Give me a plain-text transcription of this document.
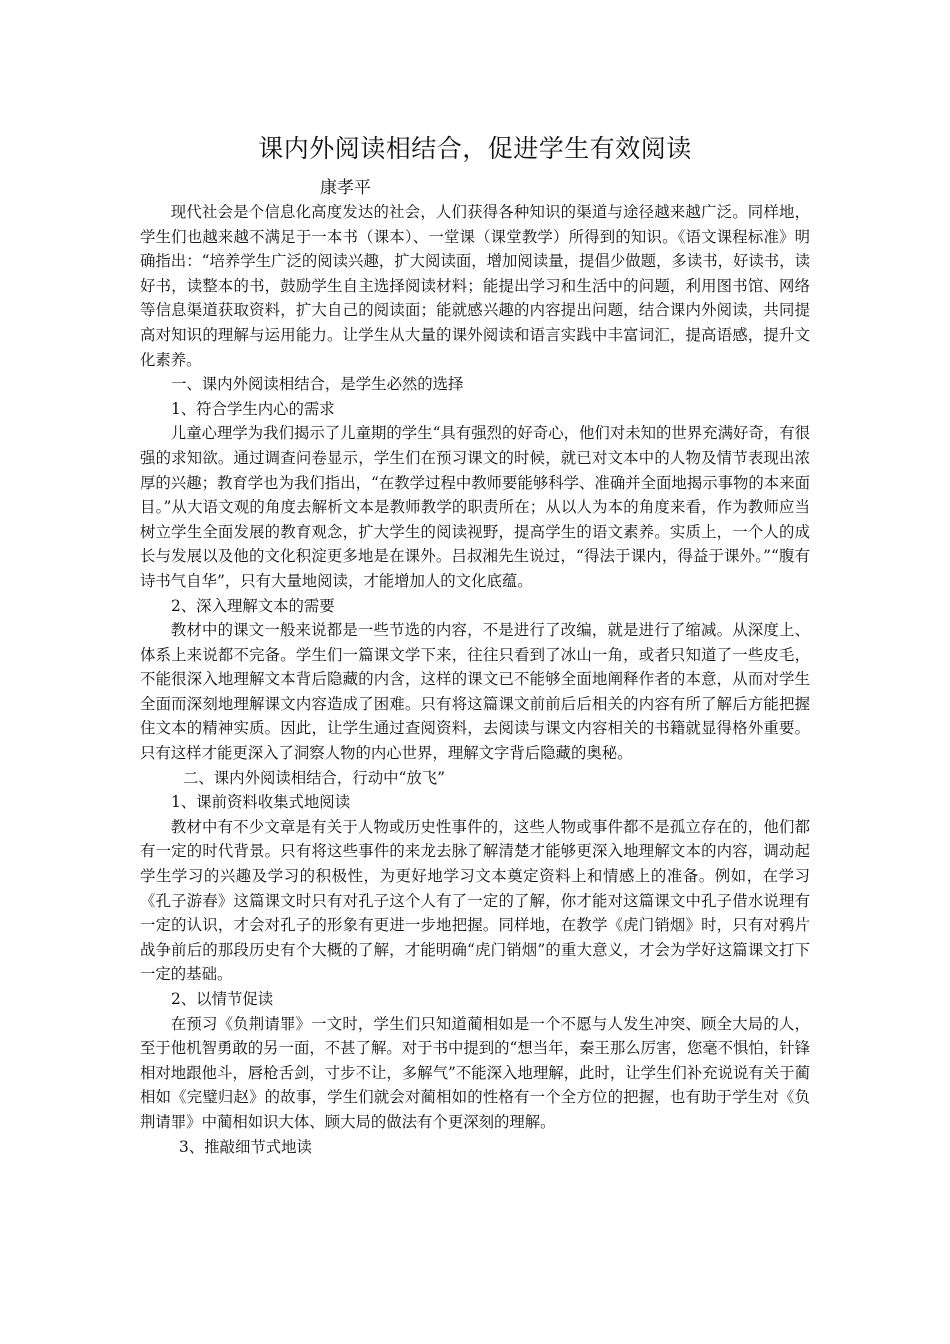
课内外阅读相结合，促进学生有效阅读
康孝平

现代社会是个信息化高度发达的社会，人们获得各种知识的渠道与途径越来越广泛。同样地，学生们也越来越不满足于一本书（课本）、一堂课（课堂教学）所得到的知识。《语文课程标准》明确指出：“培养学生广泛的阅读兴趣，扩大阅读面，增加阅读量，提倡少做题，多读书，好读书，读好书，读整本的书，鼓励学生自主选择阅读材料；能提出学习和生活中的问题，利用图书馆、网络等信息渠道获取资料，扩大自己的阅读面；能就感兴趣的内容提出问题，结合课内外阅读，共同提高对知识的理解与运用能力。让学生从大量的课外阅读和语言实践中丰富词汇，提高语感，提升文化素养。

一、课内外阅读相结合，是学生必然的选择

1、符合学生内心的需求

儿童心理学为我们揭示了儿童期的学生“具有强烈的好奇心，他们对未知的世界充满好奇，有很强的求知欲。通过调查问卷显示，学生们在预习课文的时候，就已对文本中的人物及情节表现出浓厚的兴趣；教育学也为我们指出，“在教学过程中教师要能够科学、准确并全面地揭示事物的本来面目。”从大语文观的角度去解析文本是教师教学的职责所在；从以人为本的角度来看，作为教师应当树立学生全面发展的教育观念，扩大学生的阅读视野，提高学生的语文素养。实质上，一个人的成长与发展以及他的文化积淀更多地是在课外。吕叔湘先生说过，“得法于课内，得益于课外。”“腹有诗书气自华”，只有大量地阅读，才能增加人的文化底蕴。

2、深入理解文本的需要

教材中的课文一般来说都是一些节选的内容，不是进行了改编，就是进行了缩减。从深度上、体系上来说都不完备。学生们一篇课文学下来，往往只看到了冰山一角，或者只知道了一些皮毛，不能很深入地理解文本背后隐藏的内含，这样的课文已不能够全面地阐释作者的本意，从而对学生全面而深刻地理解课文内容造成了困难。只有将这篇课文前前后后相关的内容有所了解后方能把握住文本的精神实质。因此，让学生通过查阅资料，去阅读与课文内容相关的书籍就显得格外重要。只有这样才能更深入了洞察人物的内心世界，理解文字背后隐藏的奥秘。

二、课内外阅读相结合，行动中“放飞”

1、课前资料收集式地阅读

教材中有不少文章是有关于人物或历史性事件的，这些人物或事件都不是孤立存在的，他们都有一定的时代背景。只有将这些事件的来龙去脉了解清楚才能够更深入地理解文本的内容，调动起学生学习的兴趣及学习的积极性，为更好地学习文本奠定资料上和情感上的准备。例如，在学习《孔子游春》这篇课文时只有对孔子这个人有了一定的了解，你才能对这篇课文中孔子借水说理有一定的认识，才会对孔子的形象有更进一步地把握。同样地，在教学《虎门销烟》时，只有对鸦片战争前后的那段历史有个大概的了解，才能明确“虎门销烟”的重大意义，才会为学好这篇课文打下一定的基础。

2、以情节促读

在预习《负荆请罪》一文时，学生们只知道蔺相如是一个不愿与人发生冲突、顾全大局的人，至于他机智勇敢的另一面，不甚了解。对于书中提到的“想当年，秦王那么厉害，您毫不惧怕，针锋相对地跟他斗，唇枪舌剑，寸步不让，多解气”不能深入地理解，此时，让学生们补充说说有关于蔺相如《完璧归赵》的故事，学生们就会对蔺相如的性格有一个全方位的把握，也有助于学生对《负荆请罪》中蔺相如识大体、顾大局的做法有个更深刻的理解。

3、推敲细节式地读
